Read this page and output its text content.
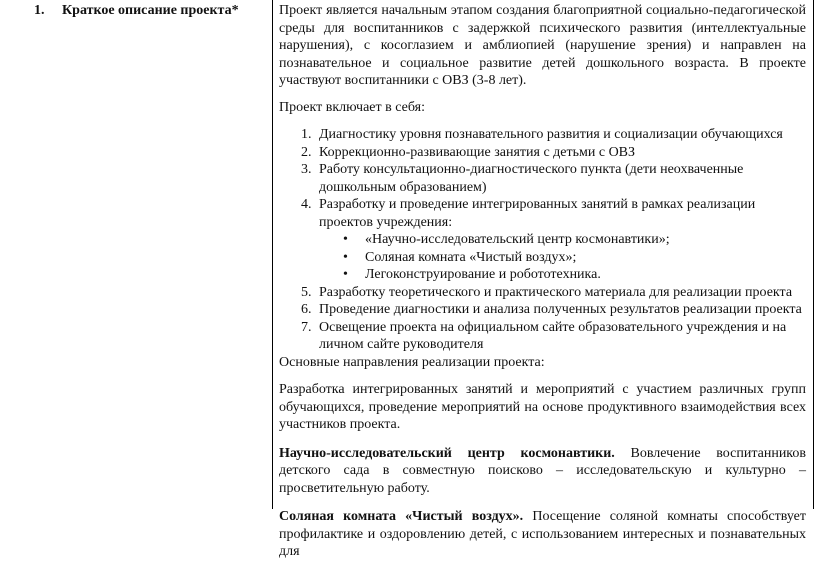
1. Краткое описание проекта*	Проект является начальным этапом создания благоприятной социально-педагогической среды для воспитанников с задержкой психического развития (интеллектуальные нарушения), с косоглазием и амблиопией (нарушение зрения) и направлен на познавательное и социальное развитие детей дошкольного возраста. В проекте участвуют воспитанники с ОВЗ (3-8 лет).

Проект включает в себя:

1. Диагностику уровня познавательного развития и социализации обучающихся
2. Коррекционно-развивающие занятия с детьми с ОВЗ
3. Работу консультационно-диагностического пункта (дети неохваченные дошкольным образованием)
4. Разработку и проведение интегрированных занятий в рамках реализации проектов учреждения:
• «Научно-исследовательский центр космонавтики»;
• Соляная комната «Чистый воздух»;
• Легоконструирование и робототехника.
5. Разработку теоретического и практического материала для реализации проекта
6. Проведение диагностики и анализа полученных результатов реализации проекта
7. Освещение проекта на официальном сайте образовательного учреждения и на личном сайте руководителя

Основные направления реализации проекта:

Разработка интегрированных занятий и мероприятий с участием различных групп обучающихся, проведение мероприятий на основе продуктивного взаимодействия всех участников проекта.

Научно-исследовательский центр космонавтики. Вовлечение воспитанников детского сада в совместную поисково – исследовательскую и культурно – просветительную работу.

Соляная комната «Чистый воздух». Посещение соляной комнаты способствует профилактике и оздоровлению детей, с использованием интересных и познавательных для
